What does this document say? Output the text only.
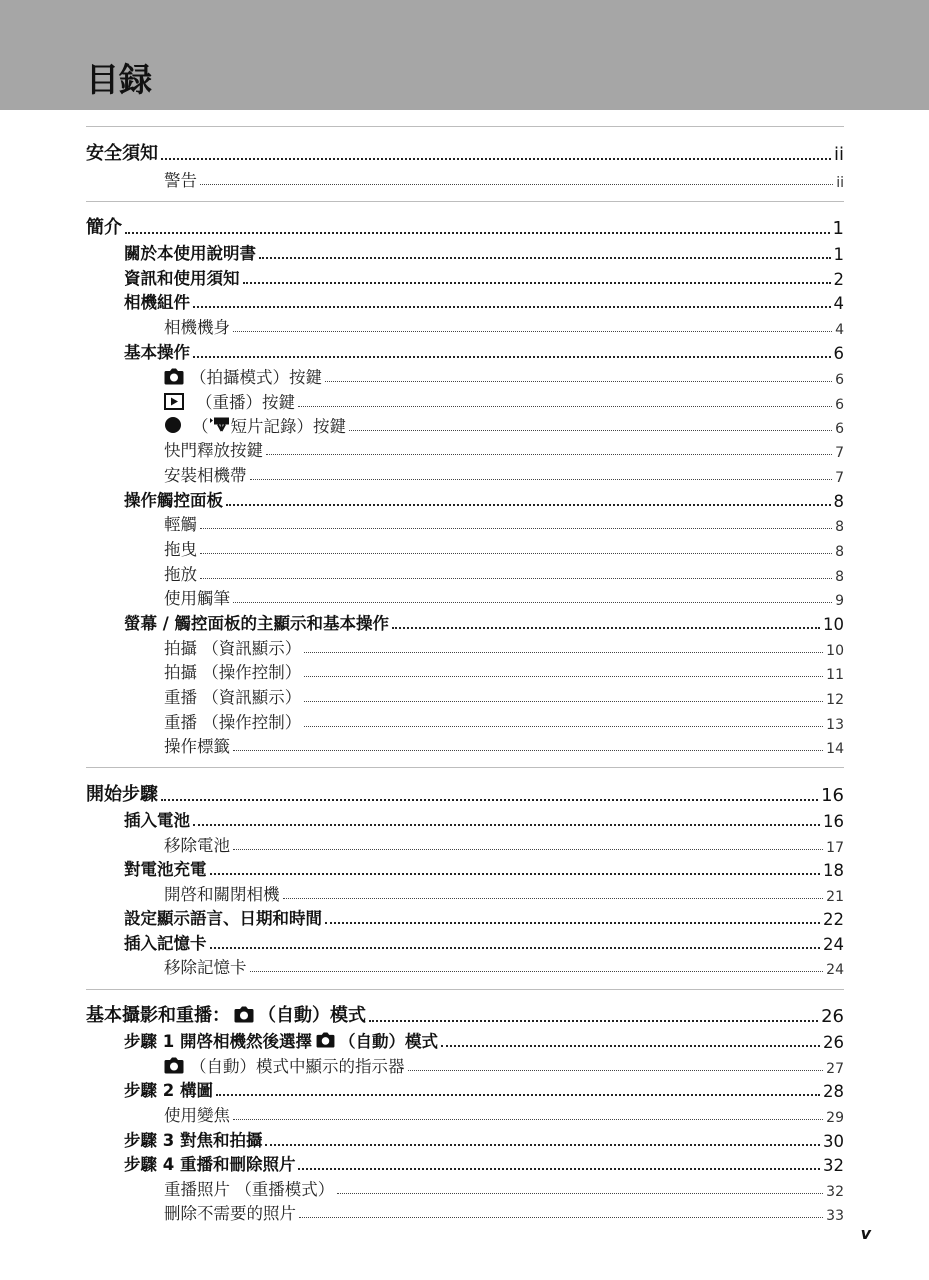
目録
安全須知	ii
警告	ii
簡介	1
關於本使用說明書	1
資訊和使用須知	2
相機組件	4
相機機身	4
基本操作	6
（拍攝模式）按鍵	6
（重播）按鍵	6
（ 短片記錄）按鍵	6
快門釋放按鍵	7
安裝相機帶	7
操作觸控面板	8
輕觸	8
拖曳	8
拖放	8
使用觸筆	9
螢幕 / 觸控面板的主顯示和基本操作	10
拍攝 （資訊顯示）	10
拍攝 （操作控制）	11
重播 （資訊顯示）	12
重播 （操作控制）	13
操作標籤	14
開始步驟	16
插入電池	16
移除電池	17
對電池充電	18
開啓和關閉相機	21
設定顯示語言、日期和時間	22
插入記憶卡	24
移除記憶卡	24
基本攝影和重播： （自動）模式	26
步驟 1 開啓相機然後選擇 （自動）模式	26
（自動）模式中顯示的指示器	27
步驟 2 構圖	28
使用變焦	29
步驟 3 對焦和拍攝	30
步驟 4 重播和刪除照片	32
重播照片 （重播模式）	32
刪除不需要的照片	33
v
